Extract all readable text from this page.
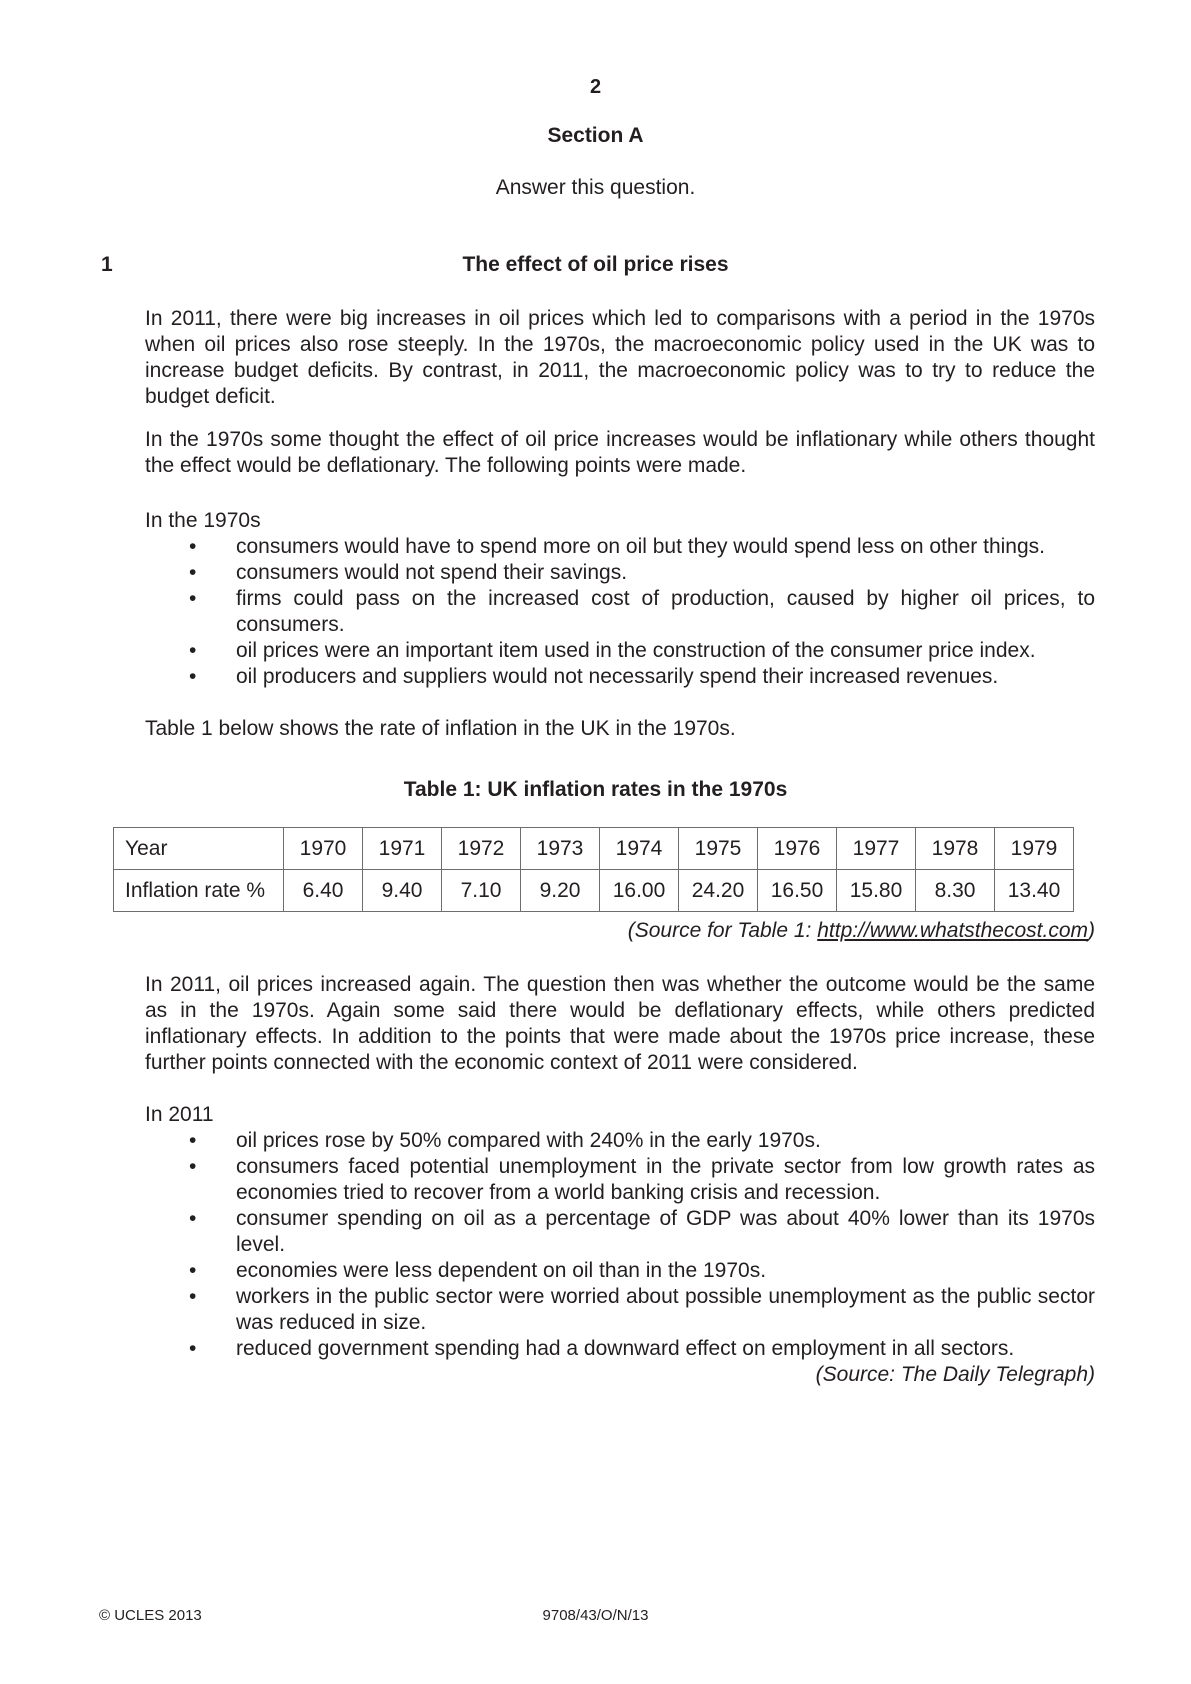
2
Section A
Answer this question.
1	The effect of oil price rises

In 2011, there were big increases in oil prices which led to comparisons with a period in the 1970s when oil prices also rose steeply. In the 1970s, the macroeconomic policy used in the UK was to increase budget deficits. By contrast, in 2011, the macroeconomic policy was to try to reduce the budget deficit.

In the 1970s some thought the effect of oil price increases would be inflationary while others thought the effect would be deflationary. The following points were made.

In the 1970s

• consumers would have to spend more on oil but they would spend less on other things.
• consumers would not spend their savings.
• firms could pass on the increased cost of production, caused by higher oil prices, to consumers.
• oil prices were an important item used in the construction of the consumer price index.
• oil producers and suppliers would not necessarily spend their increased revenues.

Table 1 below shows the rate of inflation in the UK in the 1970s.

Table 1: UK inflation rates in the 1970s
Year	1970	1971	1972	1973	1974	1975	1976	1977	1978	1979
Inflation rate %	6.40	9.40	7.10	9.20	16.00	24.20	16.50	15.80	8.30	13.40
(Source for Table 1: http://www.whatsthecost.com)

In 2011, oil prices increased again. The question then was whether the outcome would be the same as in the 1970s. Again some said there would be deflationary effects, while others predicted inflationary effects. In addition to the points that were made about the 1970s price increase, these further points connected with the economic context of 2011 were considered.

In 2011

• oil prices rose by 50% compared with 240% in the early 1970s.
• consumers faced potential unemployment in the private sector from low growth rates as economies tried to recover from a world banking crisis and recession.
• consumer spending on oil as a percentage of GDP was about 40% lower than its 1970s level.
• economies were less dependent on oil than in the 1970s.
• workers in the public sector were worried about possible unemployment as the public sector was reduced in size.
• reduced government spending had a downward effect on employment in all sectors.
(Source: The Daily Telegraph)
© UCLES 2013	9708/43/O/N/13
